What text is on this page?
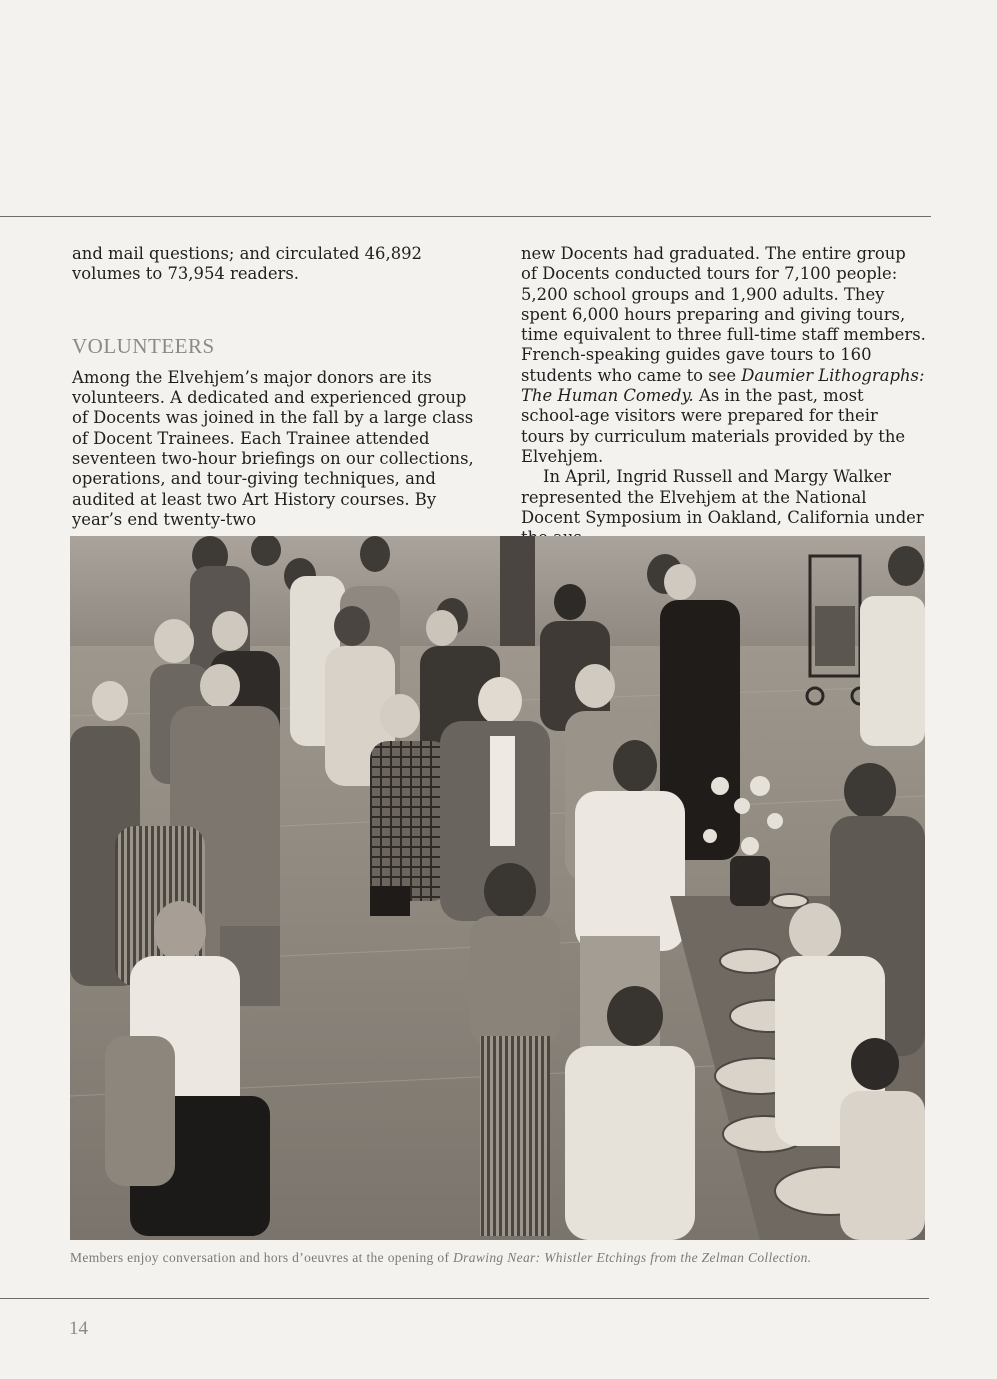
and mail questions; and circulated 46,892 volumes to 73,954 readers.

VOLUNTEERS

Among the Elvehjem’s major donors are its volunteers. A dedicated and experienced group of Docents was joined in the fall by a large class of Docent Trainees. Each Trainee attended seventeen two-hour briefings on our collections, operations, and tour-giving techniques, and audited at least two Art History courses. By year’s end twenty-two

new Docents had graduated. The entire group of Docents conducted tours for 7,100 people: 5,200 school groups and 1,900 adults. They spent 6,000 hours preparing and giving tours, time equivalent to three full-time staff members. French-speaking guides gave tours to 160 students who came to see Daumier Lithographs: The Human Comedy. As in the past, most school-age visitors were prepared for their tours by curriculum materials provided by the Elvehjem.

In April, Ingrid Russell and Margy Walker represented the Elvehjem at the National Docent Symposium in Oakland, California under

Members enjoy conversation and hors d’oeuvres at the opening of Drawing Near: Whistler Etchings from the Zelman Collection.
14
